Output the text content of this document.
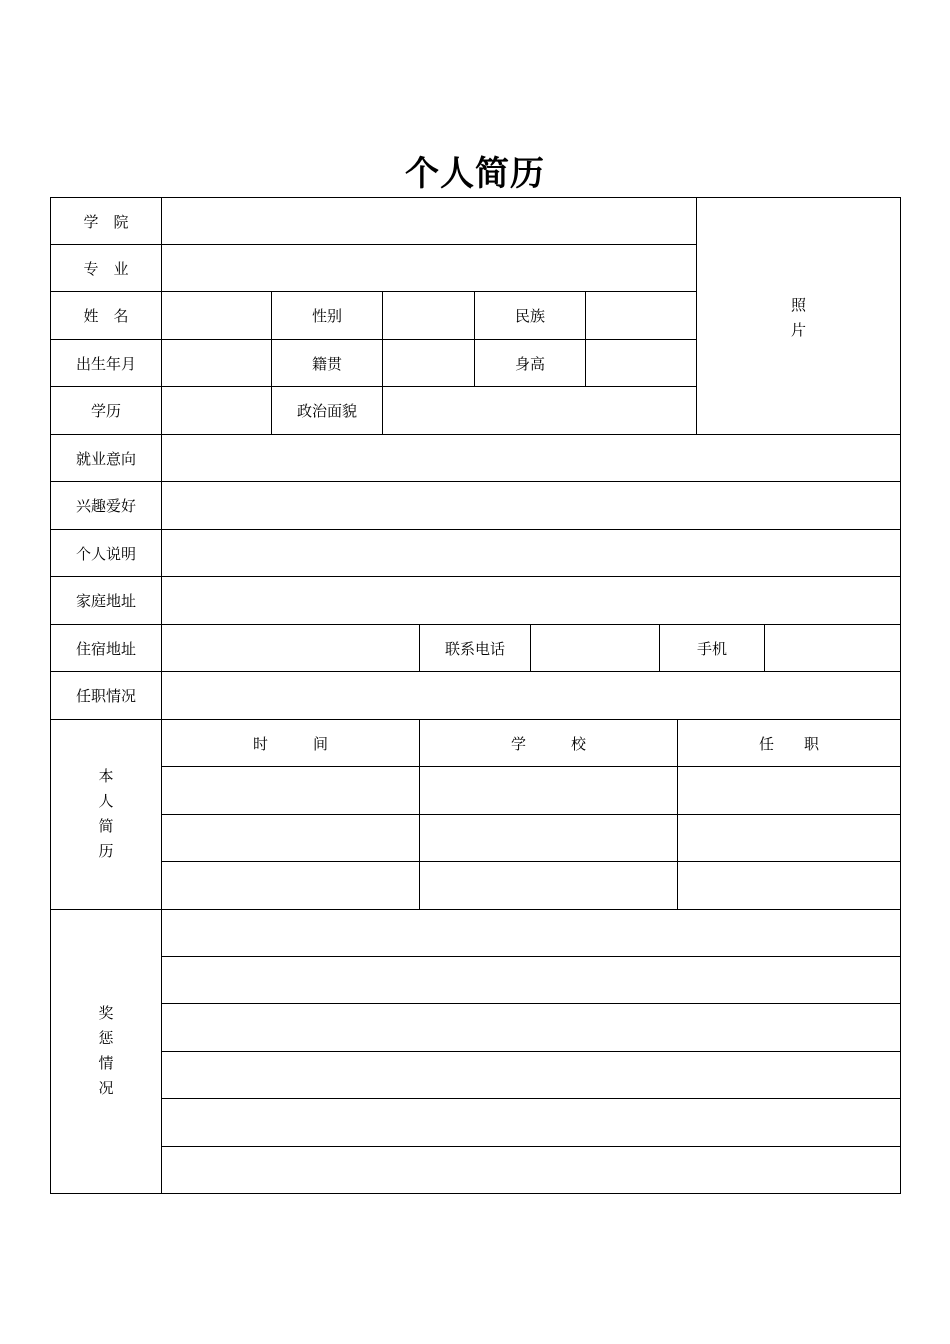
个人简历
学　院
专　业
姓　名	性别	民族
出生年月	籍贯	身高
学历	政治面貌
照
片
就业意向
兴趣爱好
个人说明
家庭地址
住宿地址	联系电话	手机
任职情况
本
人
简
历
时　　　间	学　　　校	任　　职
奖
惩
情
况
